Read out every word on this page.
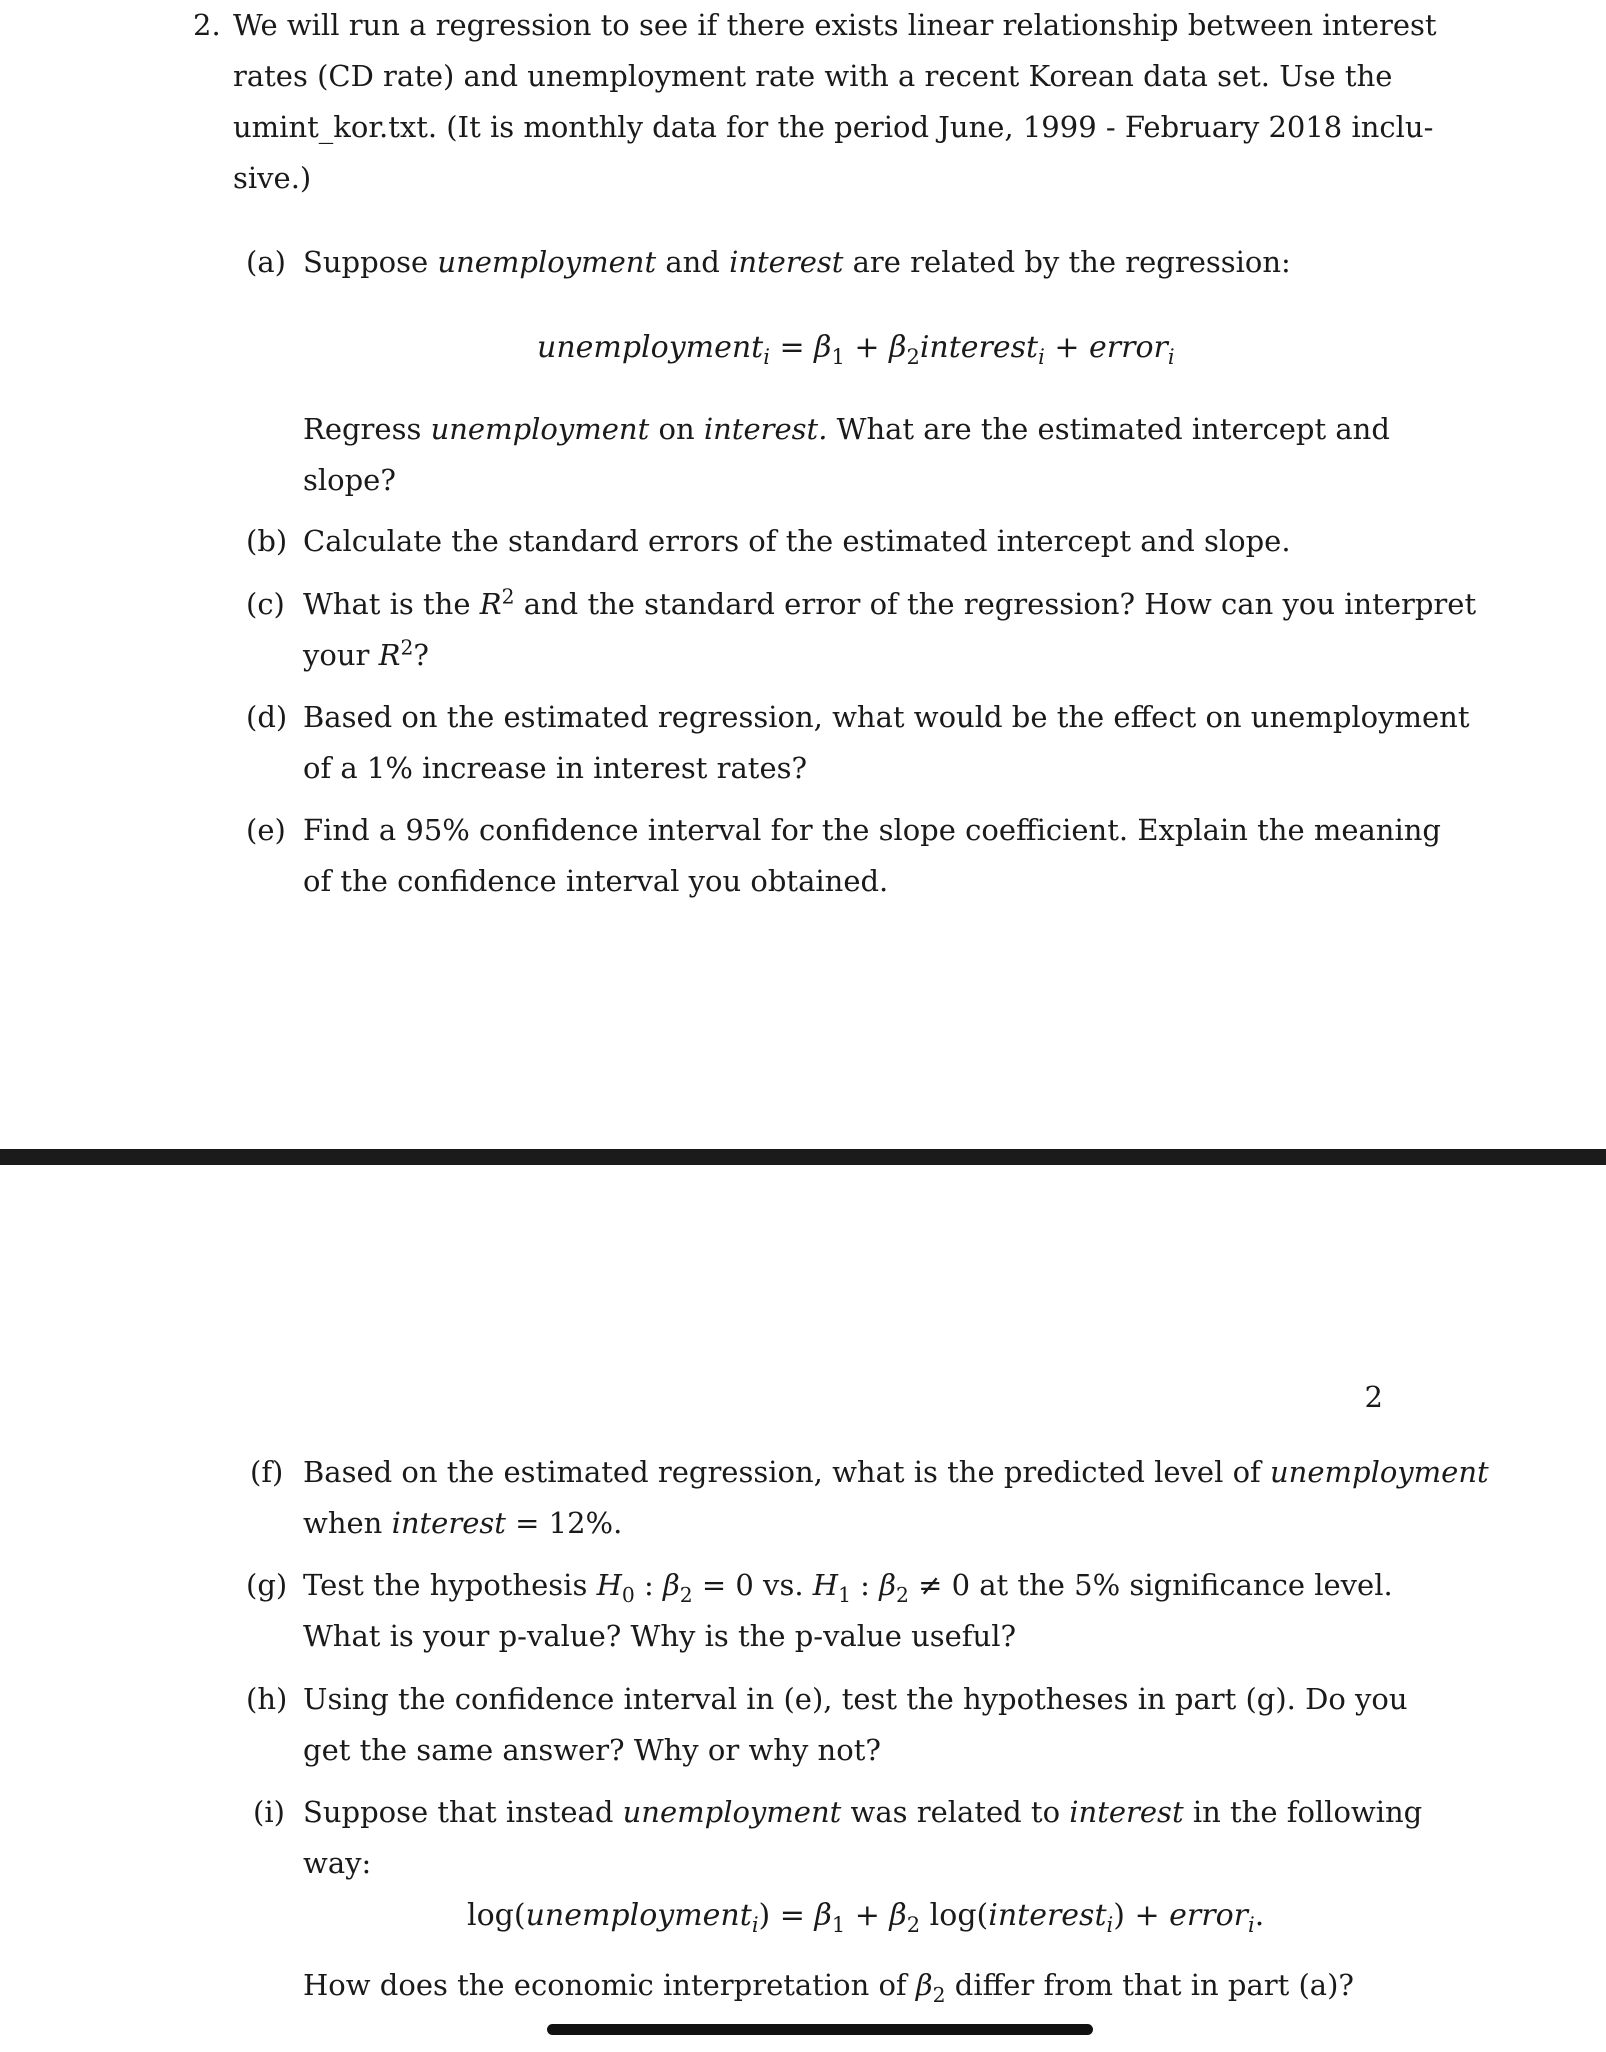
2. We will run a regression to see if there exists linear relationship between interest
rates (CD rate) and unemployment rate with a recent Korean data set. Use the
umint_kor.txt. (It is monthly data for the period June, 1999 - February 2018 inclu-
sive.)
(a) Suppose unemployment and interest are related by the regression:
unemployment$_i$ = $\beta_1$ + $\beta_2interest_i$ + error$_i$
Regress unemployment on interest. What are the estimated intercept and
slope?
(b) Calculate the standard errors of the estimated intercept and slope.
(c) What is the $R^2$ and the standard error of the regression? How can you interpret
your $R^2$?
(d) Based on the estimated regression, what would be the effect on unemployment
of a 1% increase in interest rates?
(e) Find a 95% confidence interval for the slope coefficient. Explain the meaning
of the confidence interval you obtained.
2
(f) Based on the estimated regression, what is the predicted level of unemployment
when interest = 12%.
(g) Test the hypothesis $H_0$ : $\beta_2 = 0$ vs. $H_1$ : $\beta_2 \ne 0$ at the 5% significance level.
What is your p-value? Why is the p-value useful?
(h) Using the confidence interval in (e), test the hypotheses in part (g). Do you
get the same answer? Why or why not?
(i) Suppose that instead unemployment was related to interest in the following
way:
log(unemployment$_i$) = $\beta_1 + \beta_2$ log(interest$_i$) + error$_i$.
How does the economic interpretation of $\beta_2$ differ from that in part (a)?
